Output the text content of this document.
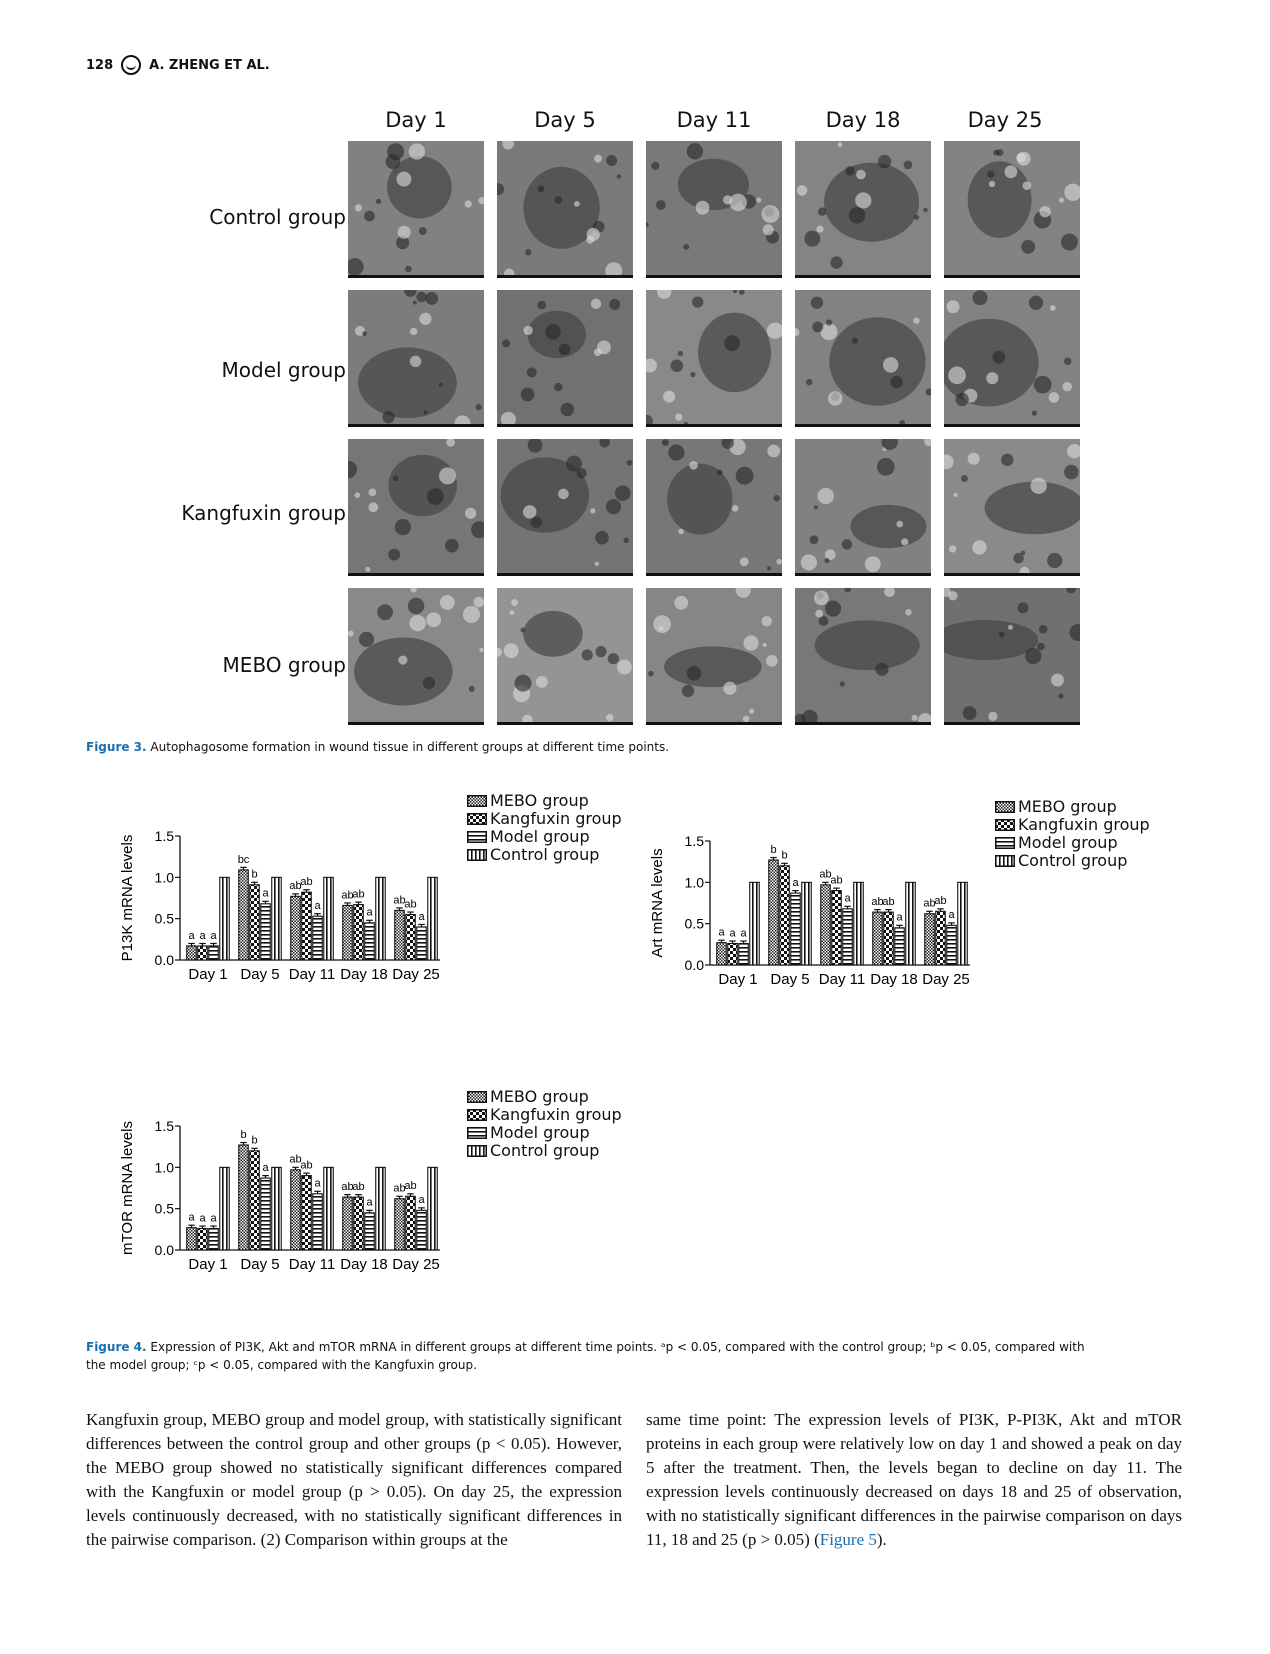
128	A. ZHENG ET AL.
Day 1	Day 5	Day 11	Day 18	Day 25
Control group
Model group
Kangfuxin group
MEBO group
Figure 3. Autophagosome formation in wound tissue in different groups at different time points.
0.0
0.5
1.0
1.5
P13K mRNA levels	a a a
Day 1
bc
b
a
Day 5
ab
ab
a
Day 11
ab
ab
a
Day 18
ab
ab
a
Day 25
MEBO group
Kangfuxin group
Model group
Control group
0.0
0.5
1.0
1.5
Art mRNA levels	a a a
Day 1
b b
a
Day 5
ab
ab
a
Day 11
ab
ab
a
Day 18
ab
ab
a
Day 25
MEBO group
Kangfuxin group
Model group
Control group
0.0
0.5
1.0
1.5
mTOR mRNA levels	a a a
Day 1
b b
a
Day 5
ab
ab
a
Day 11
ab
ab
a
Day 18
ab
ab
a
Day 25
MEBO group
Kangfuxin group
Model group
Control group
Figure 4. Expression of PI3K, Akt and mTOR mRNA in different groups at different time points. ᵃp < 0.05, compared with the control group; ᵇp < 0.05, compared with
the model group; ᶜp < 0.05, compared with the Kangfuxin group.
Kangfuxin group, MEBO group and model group, with statistically significant differences between the control group and other groups (p < 0.05). However, the MEBO group showed no statistically significant differences compared with the Kangfuxin or model group (p > 0.05). On day 25, the expression levels continuously decreased, with no statistically significant differences in the pairwise comparison. (2) Comparison within groups at the
same time point: The expression levels of PI3K, P-PI3K, Akt and mTOR proteins in each group were relatively low on day 1 and showed a peak on day 5 after the treatment. Then, the levels began to decline on day 11. The expression levels continuously decreased on days 18 and 25 of observation, with no statistically significant differences in the pairwise comparison on days 11, 18 and 25 (p > 0.05) (Figure 5).
